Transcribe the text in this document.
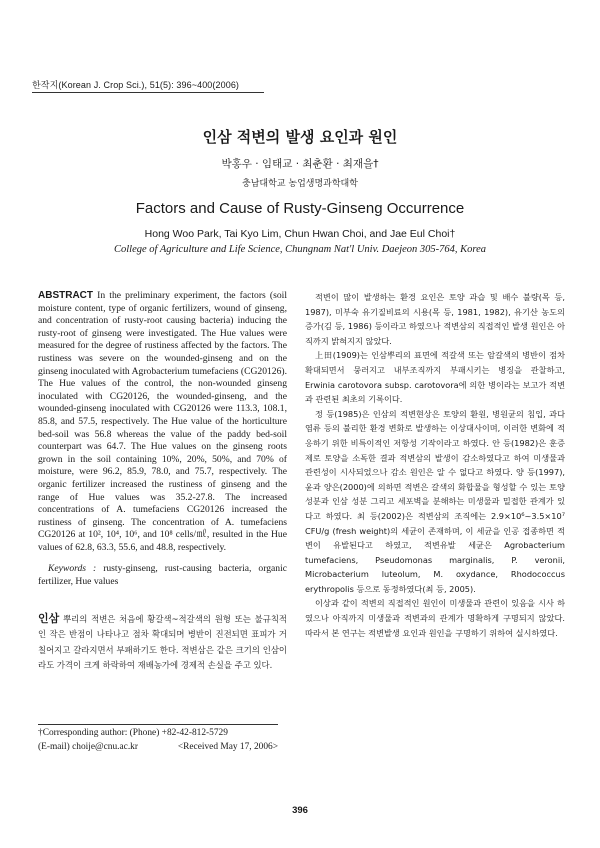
한작지(Korean J. Crop Sci.), 51(5): 396~400(2006)
인삼 적변의 발생 요인과 원인
박홍우 · 임태교 · 최춘환 · 최재을†
충남대학교 농업생명과학대학
Factors and Cause of Rusty-Ginseng Occurrence
Hong Woo Park, Tai Kyo Lim, Chun Hwan Choi, and Jae Eul Choi†
College of Agriculture and Life Science, Chungnam Nat'l Univ. Daejeon 305-764, Korea

ABSTRACT In the preliminary experiment, the factors (soil moisture content, type of organic fertilizers, wound of ginseng, and concentration of rusty-root causing bacteria) inducing the rusty-root of ginseng were investigated. The Hue values were measured for the degree of rustiness affected by the factors. The rustiness was severe on the wounded-ginseng and on the ginseng inoculated with Agrobacterium tumefaciens (CG20126). The Hue values of the control, the non-wounded ginseng inoculated with CG20126, the wounded-ginseng, and the wounded-ginseng inoculated with CG20126 were 113.3, 108.1, 85.8, and 57.5, respectively. The Hue value of the horticulture bed-soil was 56.8 whereas the value of the paddy bed-soil counterpart was 64.7. The Hue values on the ginseng roots grown in the soil containing 10%, 20%, 50%, and 70% of moisture, were 96.2, 85.9, 78.0, and 75.7, respectively. The organic fertilizer increased the rustiness of ginseng and the range of Hue values was 35.2-27.8. The increased concentrations of A. tumefaciens CG20126 increased the rustiness of ginseng. The concentration of A. tumefaciens CG20126 at 10², 10⁴, 10⁶, and 10⁸ cells/㎖, resulted in the Hue values of 62.8, 63.3, 55.6, and 48.8, respectively.

Keywords : rusty-ginseng, rust-causing bacteria, organic fertilizer, Hue values

인삼 뿌리의 적변은 처음에 황갈색~적갈색의 원형 또는 불규칙적인 작은 반점이 나타나고 점차 확대되며 병반이 진전되면 표피가 거칠어지고 갈라지면서 부패하기도 한다. 적변삼은 같은 크기의 인삼이라도 가격이 크게 하락하여 재배농가에 경제적 손실을 주고 있다.

적변이 많이 발생하는 환경 요인은 토양 과습 및 배수 불량(목 등, 1987), 미부숙 유기질비료의 시용(목 등, 1981, 1982), 유기산 농도의 증가(김 등, 1986) 등이라고 하였으나 적변삼의 직접적인 발생 원인은 아직까지 밝혀지지 않았다.

上田(1909)는 인삼뿌리의 표면에 적갈색 또는 암갈색의 병반이 점차 확대되면서 뭉러지고 내부조직까지 부패시키는 병징을 관찰하고, Erwinia carotovora subsp. carotovora에 의한 병이라는 보고가 적변과 관련된 최초의 기록이다.

정 등(1985)은 인삼의 적변현상은 토양의 환원, 병원균의 침입, 과다염류 등의 불리한 환경 변화로 발생하는 이상대사이며, 이러한 변화에 적응하기 위한 비특이적인 저항성 기작이라고 하였다. 안 등(1982)은 훈증제로 토양을 소독한 결과 적변삼의 발생이 감소하였다고 하여 미생물과 관련성이 시사되었으나 감소 원인은 알 수 없다고 하였다. 양 등(1997), 윤과 양은(2000)에 의하면 적변은 갈색의 화합물을 형성할 수 있는 토양 성분과 인삼 성분 그리고 세포벽을 분해하는 미생물과 밀접한 관계가 있다고 하였다. 최 등(2002)은 적변삼의 조직에는 2.9×10⁶~3.5×10⁷ CFU/g (fresh weight)의 세균이 존재하며, 이 세균을 인공 접종하면 적변이 유발된다고 하였고, 적변유발 세균은 Agrobacterium tumefaciens, Pseudomonas marginalis, P. veronii, Microbacterium luteolum, M. oxydance, Rhodococcus erythropolis 등으로 동정하였다(최 등, 2005).

이상과 같이 적변의 직접적인 원인이 미생물과 관련이 있음을 시사 하였으나 아직까지 미생물과 적변과의 관계가 명확하게 구명되지 않았다. 따라서 본 연구는 적변발생 요인과 원인을 구명하기 위하여 실시하였다.

†Corresponding author: (Phone) +82-42-812-5729
(E-mail) choije@cnu.ac.kr	<Received May 17, 2006>
396
